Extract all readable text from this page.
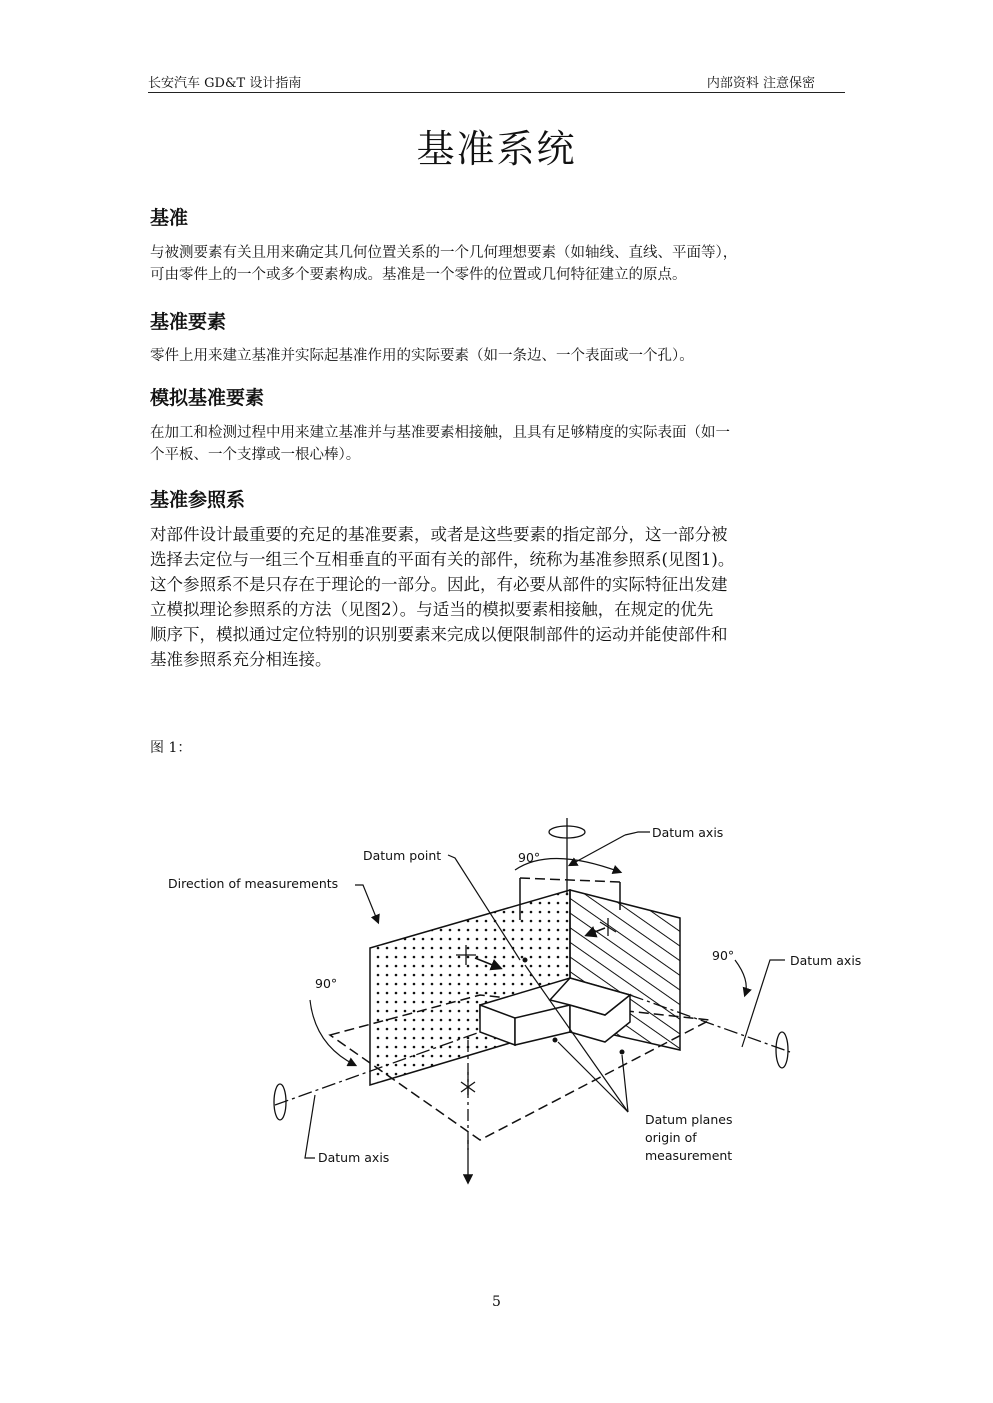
长安汽车 GD&T 设计指南	内部资料 注意保密
基准系统
基准
与被测要素有关且用来确定其几何位置关系的一个几何理想要素（如轴线、直线、平面等），
可由零件上的一个或多个要素构成。基准是一个零件的位置或几何特征建立的原点。
基准要素
零件上用来建立基准并实际起基准作用的实际要素（如一条边、一个表面或一个孔）。
模拟基准要素
在加工和检测过程中用来建立基准并与基准要素相接触，且具有足够精度的实际表面（如一
个平板、一个支撑或一根心棒）。
基准参照系
对部件设计最重要的充足的基准要素，或者是这些要素的指定部分，这一部分被
选择去定位与一组三个互相垂直的平面有关的部件，统称为基准参照系(见图1)。
这个参照系不是只存在于理论的一部分。因此，有必要从部件的实际特征出发建
立模拟理论参照系的方法（见图2）。与适当的模拟要素相接触，在规定的优先
顺序下，模拟通过定位特别的识别要素来完成以便限制部件的运动并能使部件和
基准参照系充分相连接。
图 1：
Datum axis
Datum point	90°
Direction of measurements
90°	Datum axis
90°
Datum axis
Datum planes
origin of
measurement
5
